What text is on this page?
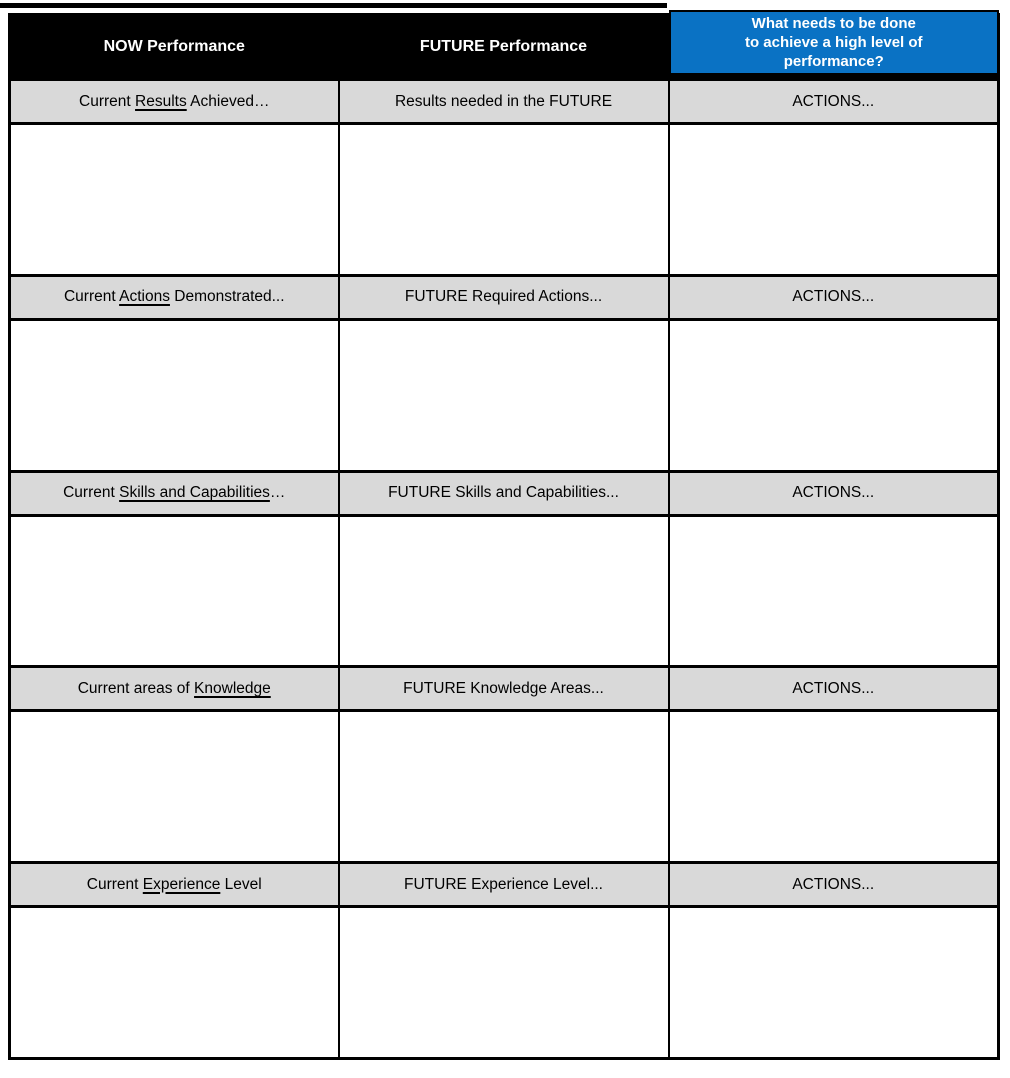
NOW Performance	FUTURE Performance	What needs to be done
to achieve a high level of
performance?

Current Results Achieved…	Results needed in the FUTURE	ACTIONS...

Current Actions Demonstrated...	FUTURE Required Actions...	ACTIONS...

Current Skills and Capabilities…	FUTURE Skills and Capabilities...	ACTIONS...

Current areas of Knowledge	FUTURE Knowledge Areas...	ACTIONS...

Current Experience Level	FUTURE Experience Level...	ACTIONS...
